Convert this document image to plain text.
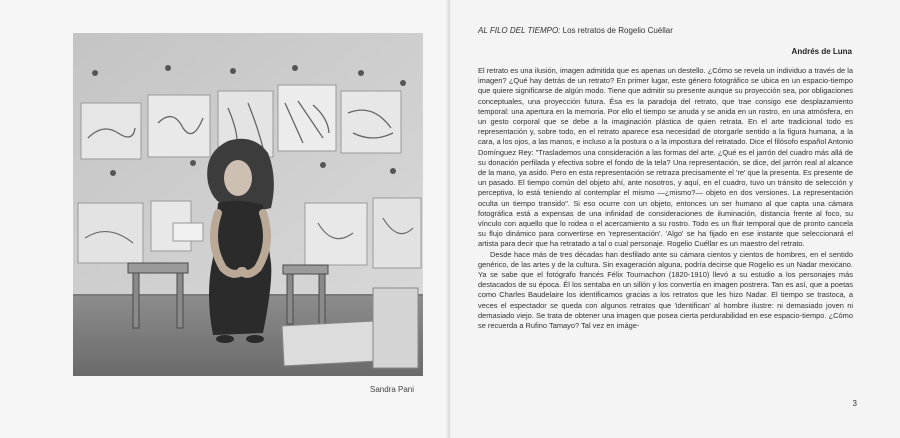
Sandra Pani
AL FILO DEL TIEMPO: Los retratos de Rogelio Cuéllar
Andrés de Luna

El retrato es una ilusión, imagen admitida que es apenas un destello. ¿Cómo se revela un individuo a través de la imagen? ¿Qué hay detrás de un retrato? En primer lugar, este género fotográfico se ubica en un espacio-tiempo que quiere significarse de algún modo. Tiene que admitir su presente aunque su proyección sea, por obligaciones conceptuales, una proyección futura. Ésa es la paradoja del retrato, que trae consigo ese desplazamiento temporal: una apertura en la memoria. Por ello el tiempo se anuda y se anida en un rostro, en una atmósfera, en un gesto corporal que se debe a la imaginación plástica de quien retrata. En el arte tradicional todo es representación y, sobre todo, en el retrato aparece esa necesidad de otorgarle sentido a la figura humana, a la cara, a los ojos, a las manos, e incluso a la postura o a la impostura del retratado. Dice el filósofo español Antonio Domínguez Rey: "Traslademos una consideración a las formas del arte. ¿Qué es el jarrón del cuadro más allá de su donación perfilada y efectiva sobre el fondo de la tela? Una representación, se dice, del jarrón real al alcance de la mano, ya asido. Pero en esta representación se retraza precisamente el 're' que la presenta. Es presente de un pasado. El tiempo común del objeto ahí, ante nosotros, y aquí, en el cuadro, tuvo un tránsito de selección y perceptiva, lo está teniendo al contemplar el mismo —¿mismo?— objeto en dos versiones. La representación oculta un tiempo transido". Si eso ocurre con un objeto, entonces un ser humano al que capta una cámara fotográfica está a expensas de una infinidad de consideraciones de iluminación, distancia frente al foco, su vínculo con aquello que lo rodea o el acercamiento a su rostro. Todo es un fluir temporal que de pronto cancela su flujo dinámico para convertirse en 'representación'. 'Algo' se ha fijado en ese instante que seleccionará el artista para decir que ha retratado a tal o cual personaje. Rogelio Cuéllar es un maestro del retrato.

Desde hace más de tres décadas han desfilado ante su cámara cientos y cientos de hombres, en el sentido genérico, de las artes y de la cultura. Sin exageración alguna, podría decirse que Rogelio es un Nadar mexicano. Ya se sabe que el fotógrafo francés Félix Tournachon (1820-1910) llevó a su estudio a los personajes más destacados de su época. Él los sentaba en un sillón y los convertía en imagen postrera. Tan es así, que a poetas como Charles Baudelaire los identificamos gracias a los retratos que les hizo Nadar. El tiempo se trastoca, a veces el espectador se queda con algunos retratos que 'identifican' al hombre ilustre: ni demasiado joven ni demasiado viejo. Se trata de obtener una imagen que posea cierta perdurabilidad en ese espacio-tiempo. ¿Cómo se recuerda a Rufino Tamayo? Tal vez en imáge-

3
